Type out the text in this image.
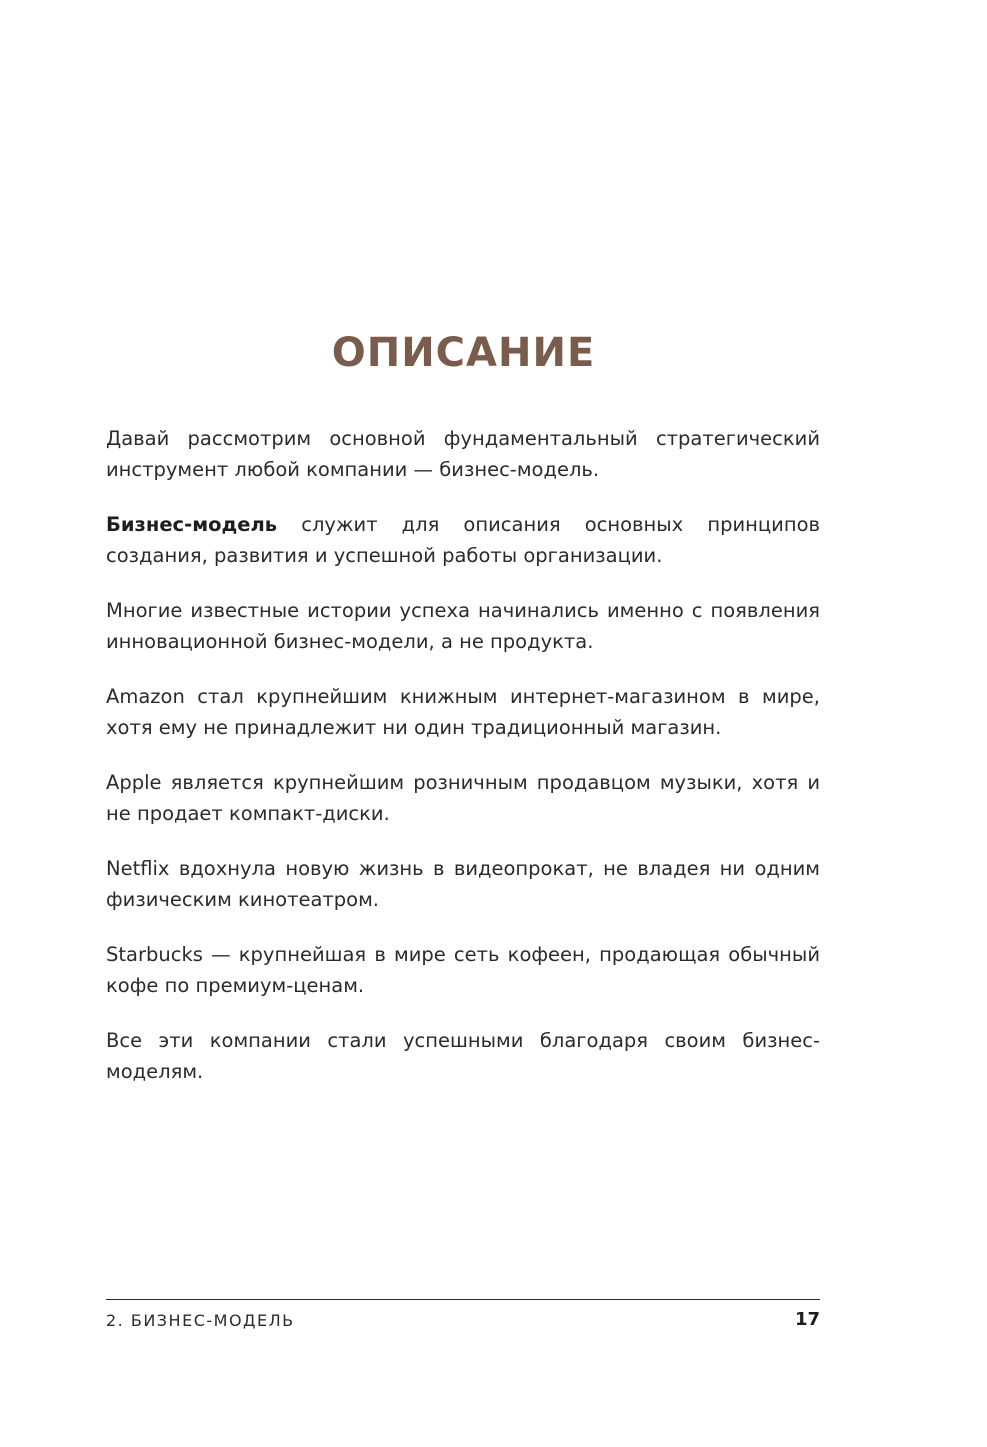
ОПИСАНИЕ

Давай рассмотрим основной фундаментальный стратегический инструмент любой компании — бизнес-модель.

Бизнес-модель служит для описания основных принципов создания, развития и успешной работы организации.

Многие известные истории успеха начинались именно с появления инновационной бизнес-модели, а не продукта.

Amazon стал крупнейшим книжным интернет-магазином в мире, хотя ему не принадлежит ни один традиционный магазин.

Apple является крупнейшим розничным продавцом музыки, хотя и не продает компакт-диски.

Netflix вдохнула новую жизнь в видеопрокат, не владея ни одним физическим кинотеатром.

Starbucks — крупнейшая в мире сеть кофеен, продающая обычный кофе по премиум-ценам.

Все эти компании стали успешными благодаря своим бизнес-моделям.

2. БИЗНЕС-МОДЕЛЬ	17
